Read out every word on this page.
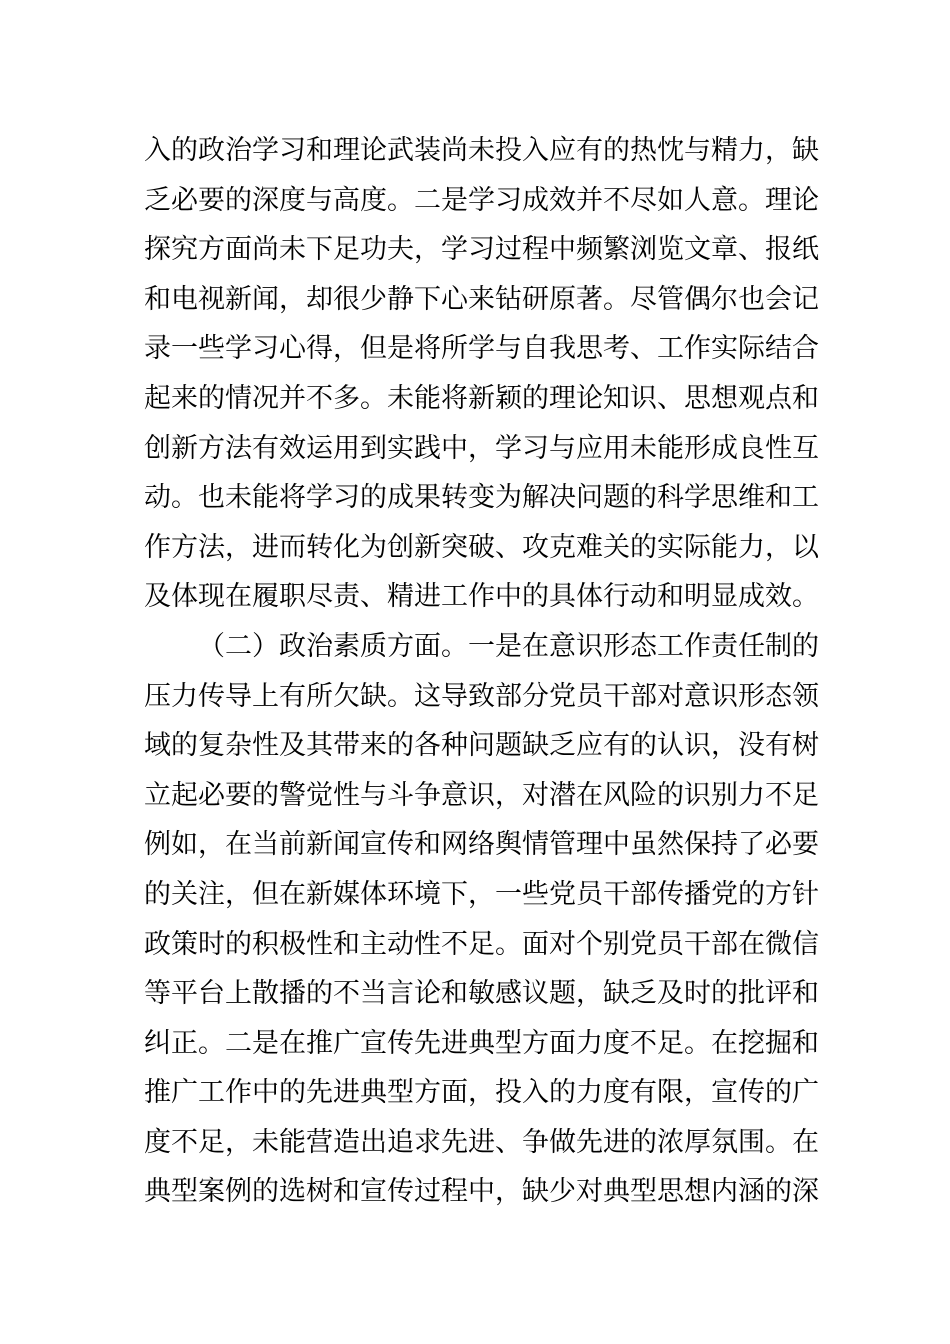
入的政治学习和理论武装尚未投入应有的热忱与精力，缺
乏必要的深度与高度。二是学习成效并不尽如人意。理论
探究方面尚未下足功夫，学习过程中频繁浏览文章、报纸
和电视新闻，却很少静下心来钻研原著。尽管偶尔也会记
录一些学习心得，但是将所学与自我思考、工作实际结合
起来的情况并不多。未能将新颖的理论知识、思想观点和
创新方法有效运用到实践中，学习与应用未能形成良性互
动。也未能将学习的成果转变为解决问题的科学思维和工
作方法，进而转化为创新突破、攻克难关的实际能力，以
及体现在履职尽责、精进工作中的具体行动和明显成效。
（二）政治素质方面。一是在意识形态工作责任制的
压力传导上有所欠缺。这导致部分党员干部对意识形态领
域的复杂性及其带来的各种问题缺乏应有的认识，没有树
立起必要的警觉性与斗争意识，对潜在风险的识别力不足
例如，在当前新闻宣传和网络舆情管理中虽然保持了必要
的关注，但在新媒体环境下，一些党员干部传播党的方针
政策时的积极性和主动性不足。面对个别党员干部在微信
等平台上散播的不当言论和敏感议题，缺乏及时的批评和
纠正。二是在推广宣传先进典型方面力度不足。在挖掘和
推广工作中的先进典型方面，投入的力度有限，宣传的广
度不足，未能营造出追求先进、争做先进的浓厚氛围。在
典型案例的选树和宣传过程中，缺少对典型思想内涵的深
